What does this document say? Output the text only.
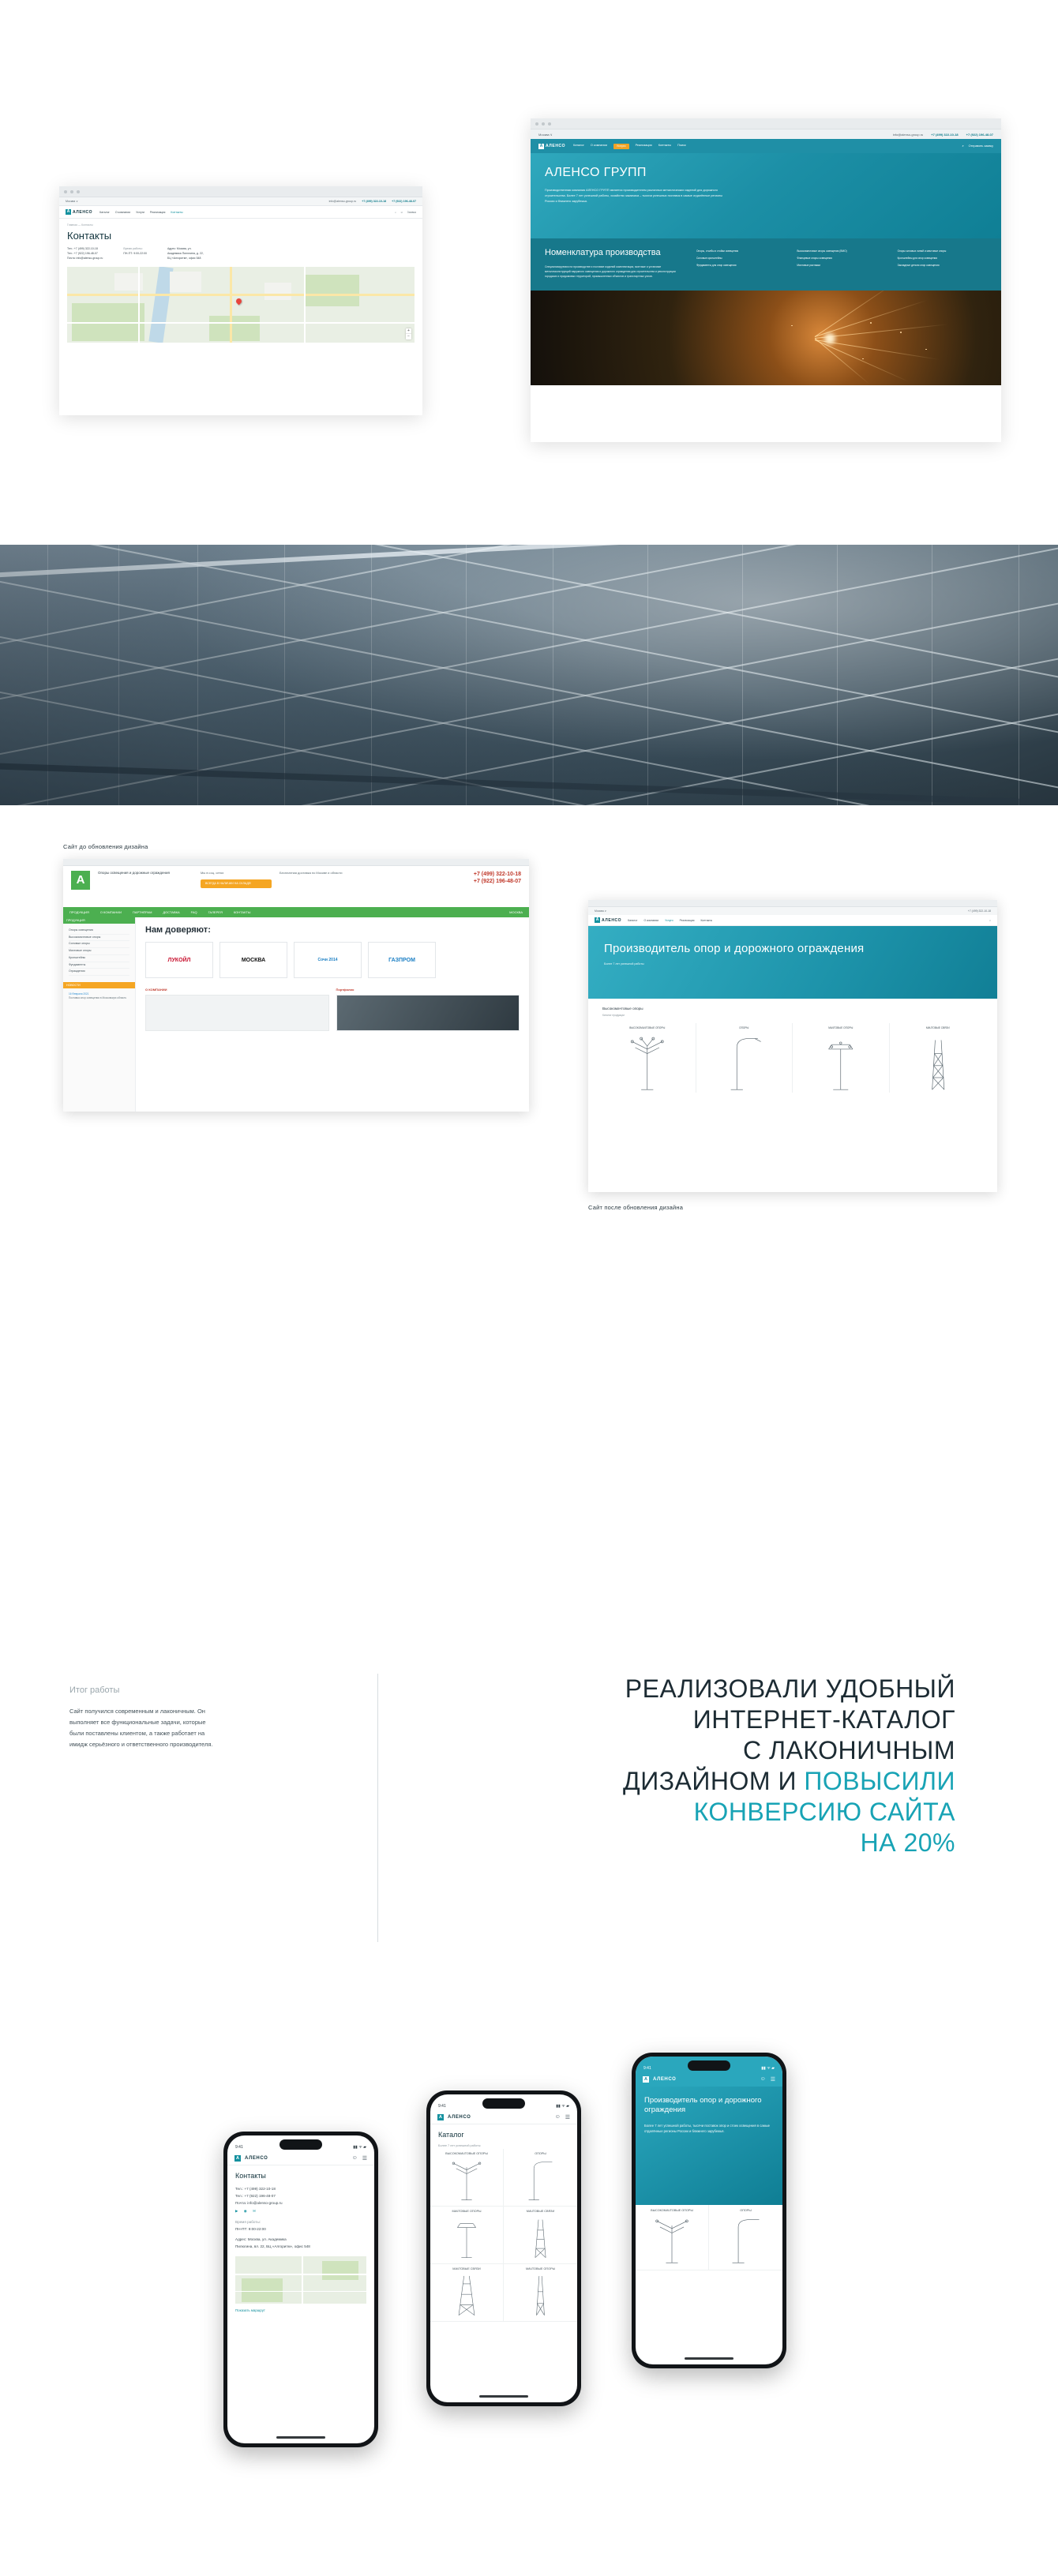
Москва ∨	info@alenso-group.ru +7 (499) 322-10-18 +7 (922) 196-48-07
A АЛЕНСО	Каталог О компании Услуги Реализация Контакты	⌕ ☺ Заявка
Главная — Контакты
Контакты
Тел.: +7 (499) 322-10-18
Тел.: +7 (922) 196-48-07
Почта: info@alenso-group.ru
Время работы:
ПН-ПТ: 9:00-22:00
Адрес: Москва, ул.
Академика Пилюгина, д. 22,
БЦ «Алгоритм», офис 548
+
−
Москва ∨	info@alenso-group.ru	+7 (499) 322-10-18	+7 (922) 196-48-07
A АЛЕНСО	Каталог О компании	Услуги	Реализация Контакты Поиск	⌕ Отправить заявку
АЛЕНСО ГРУПП

Производственная компания АЛЕНСО ГРУПП является производителем различных металлических изделий для дорожного строительства. Более 7 лет успешной работы, хозяйство заказчика – тысячи успешных поставок в самые отдалённые регионы России и ближнего зарубежья.

Номенклатура производства
Специализируемся на производстве и поставке изделий комплектации, монтаже и установке металлоконструкций наружного освещения и дорожного ограждения для строительства и реконструкции городских и придомовых территорий, промышленных объектов и транспортных узлов.
Опоры, столбы и стойки освещения	Высокомачтовые опоры освещения (ВМО)	Опоры силовых линий и мачтовые опоры
Силовые кронштейны	Фланцевые опоры освещения	Кронштейны для опор освещения
Фундаменты для опор освещения	Мачтовые растяжки	Закладные детали опор освещения
Сайт до обновления дизайна
A
Опоры освещения и дорожные ограждения	Мы в соц. сетях
ВСЕГДА В НАЛИЧИИ НА СКЛАДЕ!
Бесплатная доставка по Москве и области	+7 (499) 322-10-18
+7 (922) 196-48-07
ПРОДУКЦИЯ	О КОМПАНИИ	ПАРТНЁРАМ	ДОСТАВКА	FAQ	ГАЛЕРЕЯ	КОНТАКТЫ	МОСКВА
ПРОДУКЦИЯ
Опоры освещения
Высокомачтовые опоры
Силовые опоры
Мачтовые опоры
Кронштейны
Фундаменты
Ограждения
НОВОСТИ
16 Февраля 2021
Поставка опор освещения в Московскую область
Нам доверяют:
ЛУКОЙЛ	МОСКВА	Сочи 2014	ГАЗПРОМ
О КОМПАНИИ	Портфолио
Москва ∨	+7 (499) 322-10-18
A АЛЕНСО Каталог О компании Услуги Реализация Контакты	⌕
Производитель опор и дорожного ограждения
Более 7 лет успешной работы
Высокомачтовые опоры
Каталог продукции
ВЫСОКОМАЧТОВЫЕ ОПОРЫ	ОПОРЫ	МАЧТОВЫЕ ОПОРЫ	МАЧТОВЫЕ СВЯЗИ
Сайт после обновления дизайна
Итог работы
Сайт получился современным и лаконичным. Он выполняет все функциональные задачи, которые были поставлены клиентом, а также работает на имидж серьёзного и ответственного производителя.
РЕАЛИЗОВАЛИ УДОБНЫЙ
ИНТЕРНЕТ-КАТАЛОГ
С ЛАКОНИЧНЫМ
ДИЗАЙНОМ И ПОВЫСИЛИ
КОНВЕРСИЮ САЙТА
НА 20%
9:41	▮▮ ᯤ ▰
A	АЛЕНСО	☺ ☰
Контакты
Тел.: +7 (499) 322-10-18
Тел.: +7 (922) 196-48-07
Почта: info@alenso-group.ru
▶ ◉ ✉
Время работы:
ПН-ПТ: 9:00-22:00
Адрес: Москва, ул. Академика
Пилюгина, вл. 22, БЦ «Алгоритм», офис 548
Показать маршрут
9:41	▮▮ ᯤ ▰
A	АЛЕНСО	☺ ☰
Каталог
Более 7 лет успешной работы
ВЫСОКОМАЧТОВЫЕ ОПОРЫ	ОПОРЫ
МАЧТОВЫЕ ОПОРЫ	МАЧТОВЫЕ СВЯЗИ
МАЧТОВЫЕ СВЯЗИ	МАЧТОВЫЕ ОПОРЫ
9:41	▮▮ ᯤ ▰
A	АЛЕНСО	☺ ☰
Производитель опор и дорожного ограждения

Более 7 лет успешной работы, тысячи поставок опор и стоек освещения в самые отдалённые регионы России и ближнего зарубежья.

ВЫСОКОМАЧТОВЫЕ ОПОРЫ	ОПОРЫ
